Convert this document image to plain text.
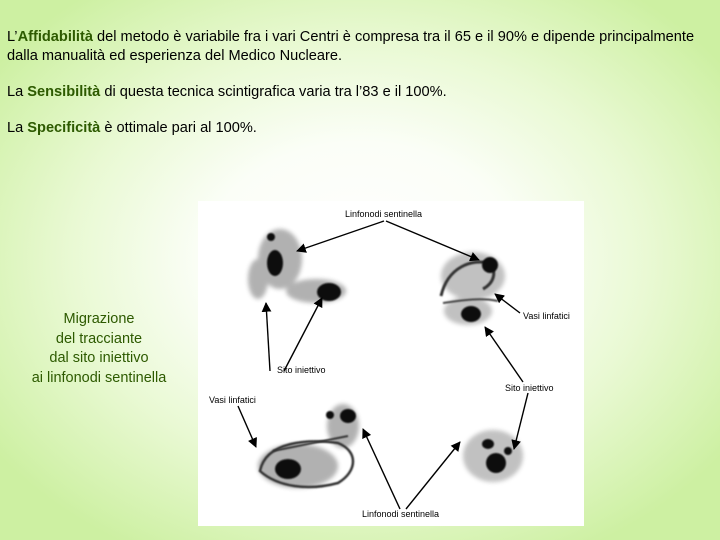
L’Affidabilità del metodo è variabile fra i vari Centri è compresa tra il 65 e il 90% e dipende principalmente dalla manualità ed esperienza del Medico Nucleare.

La Sensibilità di questa tecnica scintigrafica varia tra l’83 e il 100%.

La Specificità è ottimale pari al 100%.

Migrazione
del tracciante
dal sito iniettivo
ai linfonodi sentinella
Linfonodi sentinella
Vasi linfatici
Sito iniettivo
Sito iniettivo
Vasi linfatici
Linfonodi sentinella
